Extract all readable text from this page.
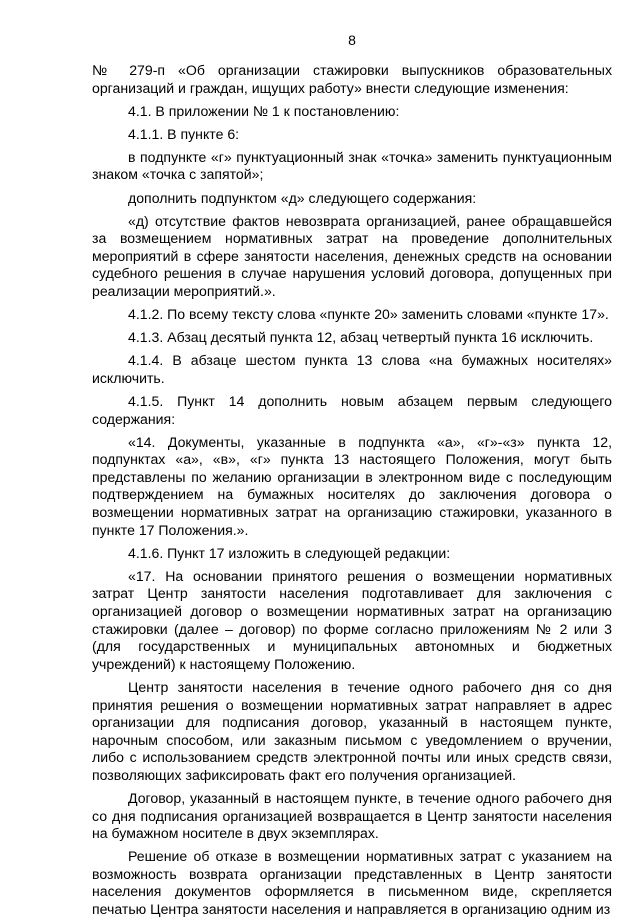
8

№ 279-п «Об организации стажировки выпускников образовательных организаций и граждан, ищущих работу» внести следующие изменения:

4.1. В приложении № 1 к постановлению:

4.1.1. В пункте 6:

в подпункте «г» пунктуационный знак «точка» заменить пунктуационным знаком «точка с запятой»;

дополнить подпунктом «д» следующего содержания:

«д) отсутствие фактов невозврата организацией, ранее обращавшейся за возмещением нормативных затрат на проведение дополнительных мероприятий в сфере занятости населения, денежных средств на основании судебного решения в случае нарушения условий договора, допущенных при реализации мероприятий.».

4.1.2. По всему тексту слова «пункте 20» заменить словами «пункте 17».

4.1.3. Абзац десятый пункта 12, абзац четвертый пункта 16 исключить.

4.1.4. В абзаце шестом пункта 13 слова «на бумажных носителях» исключить.

4.1.5. Пункт 14 дополнить новым абзацем первым следующего содержания:

«14. Документы, указанные в подпункта «а», «г»-«з» пункта 12, подпунктах «а», «в», «г» пункта 13 настоящего Положения, могут быть представлены по желанию организации в электронном виде с последующим подтверждением на бумажных носителях до заключения договора о возмещении нормативных затрат на организацию стажировки, указанного в пункте 17 Положения.».

4.1.6. Пункт 17 изложить в следующей редакции:

«17. На основании принятого решения о возмещении нормативных затрат Центр занятости населения подготавливает для заключения с организацией договор о возмещении нормативных затрат на организацию стажировки (далее – договор) по форме согласно приложениям № 2 или 3 (для государственных и муниципальных автономных и бюджетных учреждений) к настоящему Положению.

Центр занятости населения в течение одного рабочего дня со дня принятия решения о возмещении нормативных затрат направляет в адрес организации для подписания договор, указанный в настоящем пункте, нарочным способом, или заказным письмом с уведомлением о вручении, либо с использованием средств электронной почты или иных средств связи, позволяющих зафиксировать факт его получения организацией.

Договор, указанный в настоящем пункте, в течение одного рабочего дня со дня подписания организацией возвращается в Центр занятости населения на бумажном носителе в двух экземплярах.

Решение об отказе в возмещении нормативных затрат с указанием на возможность возврата организации представленных в Центр занятости населения документов оформляется в письменном виде, скрепляется печатью Центра занятости населения и направляется в организацию одним из
